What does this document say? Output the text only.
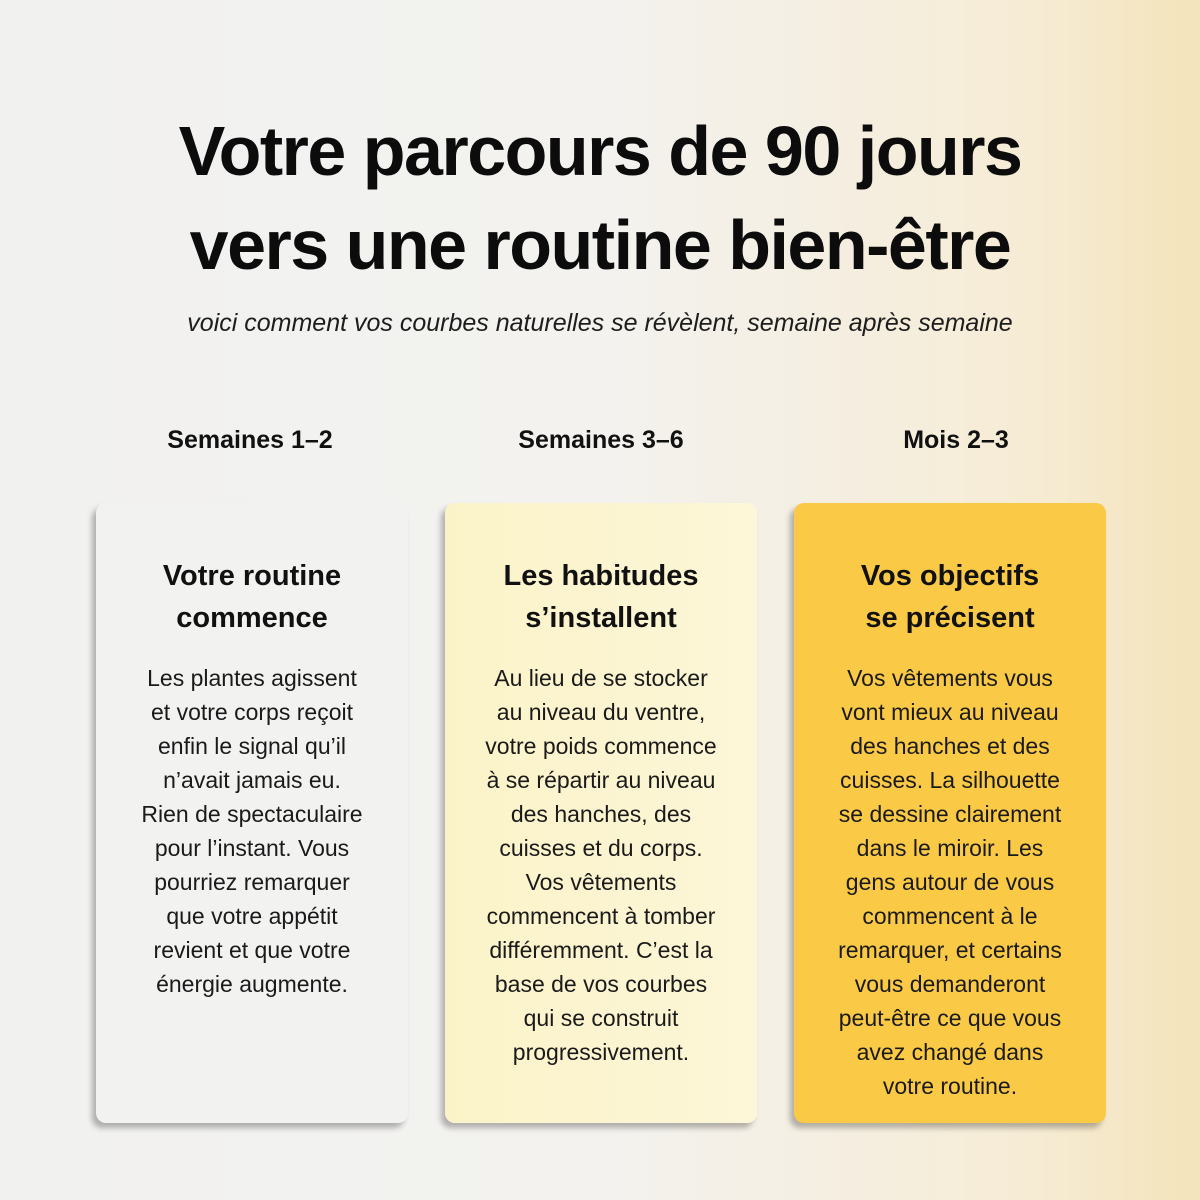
Votre parcours de 90 jours
vers une routine bien-être

voici comment vos courbes naturelles se révèlent, semaine après semaine

Semaines 1–2	Semaines 3–6	Mois 2–3
Votre routine
commence

Les plantes agissent
et votre corps reçoit
enfin le signal qu’il
n’avait jamais eu.
Rien de spectaculaire
pour l’instant. Vous
pourriez remarquer
que votre appétit
revient et que votre
énergie augmente.

Les habitudes
s’installent

Au lieu de se stocker
au niveau du ventre,
votre poids commence
à se répartir au niveau
des hanches, des
cuisses et du corps.
Vos vêtements
commencent à tomber
différemment. C’est la
base de vos courbes
qui se construit
progressivement.

Vos objectifs
se précisent

Vos vêtements vous
vont mieux au niveau
des hanches et des
cuisses. La silhouette
se dessine clairement
dans le miroir. Les
gens autour de vous
commencent à le
remarquer, et certains
vous demanderont
peut-être ce que vous
avez changé dans
votre routine.
